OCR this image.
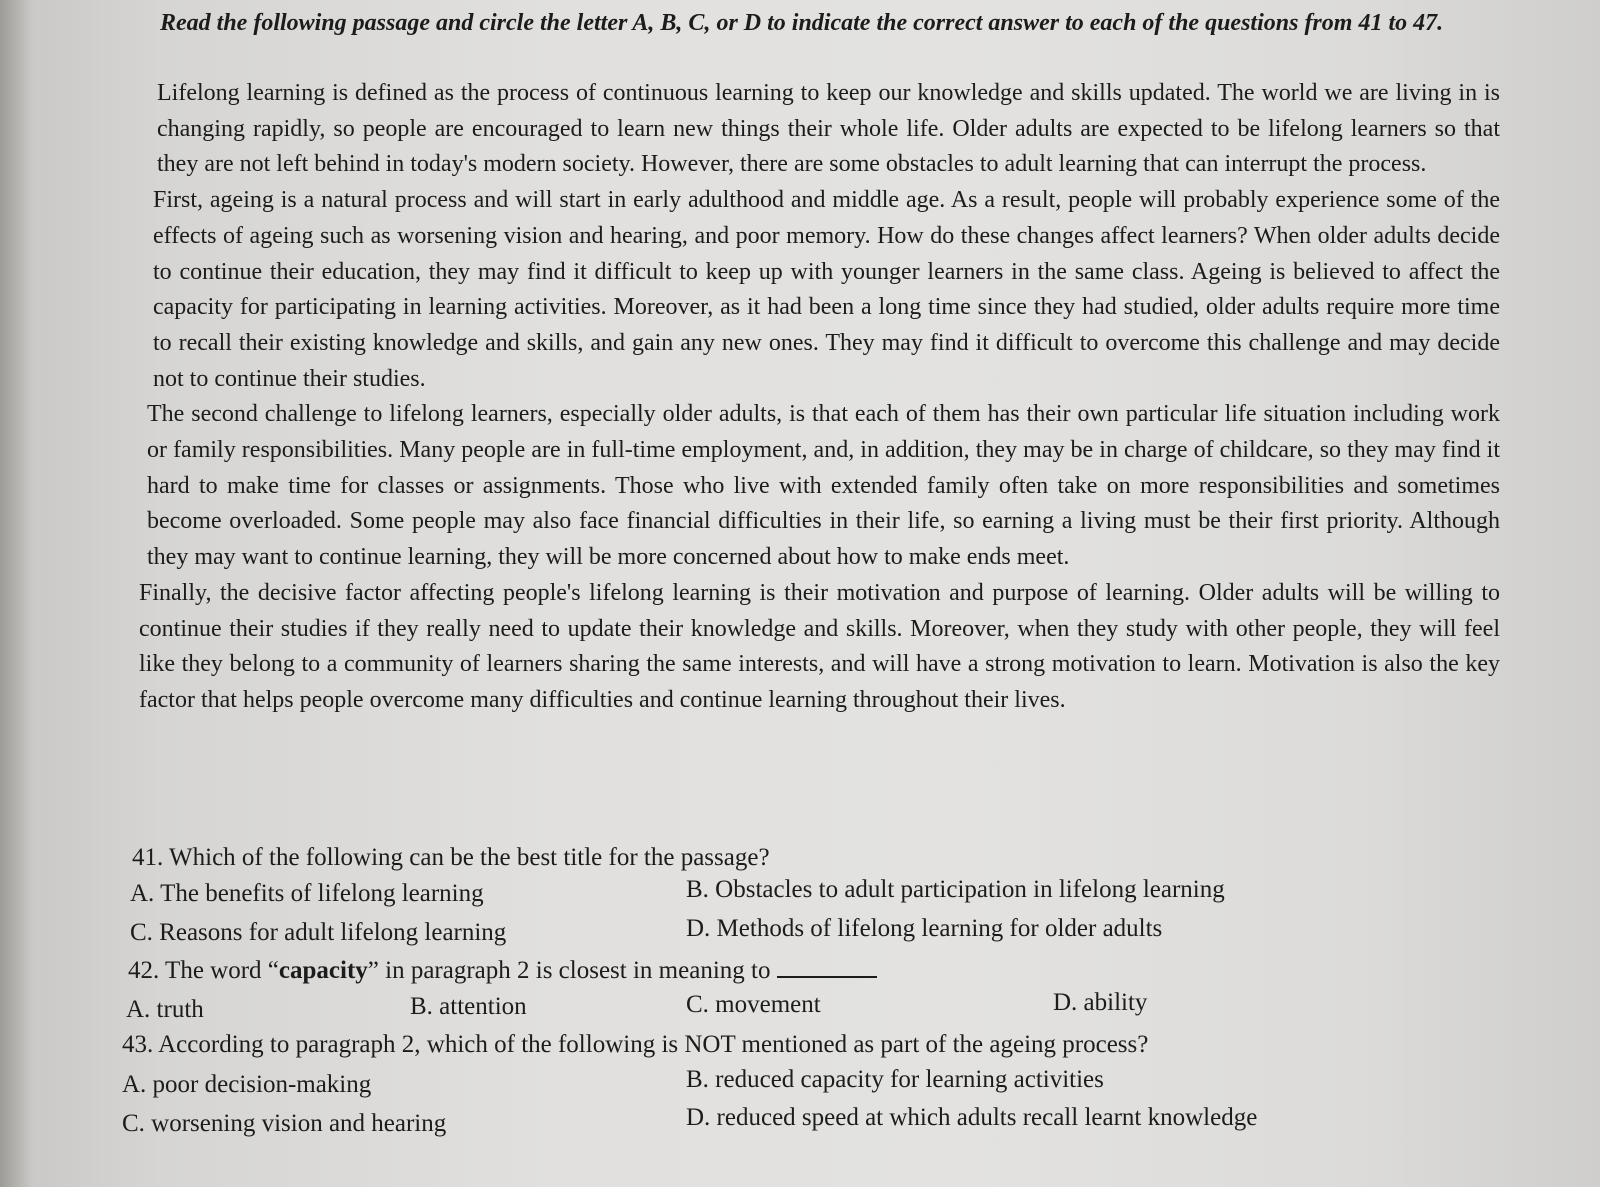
Read the following passage and circle the letter A, B, C, or D to indicate the correct answer to each of the questions from 41 to 47.

Lifelong learning is defined as the process of continuous learning to keep our knowledge and skills updated. The world we are living in is changing rapidly, so people are encouraged to learn new things their whole life. Older adults are expected to be lifelong learners so that they are not left behind in today's modern society. However, there are some obstacles to adult learning that can interrupt the process.

First, ageing is a natural process and will start in early adulthood and middle age. As a result, people will probably experience some of the effects of ageing such as worsening vision and hearing, and poor memory. How do these changes affect learners? When older adults decide to continue their education, they may find it difficult to keep up with younger learners in the same class. Ageing is believed to affect the capacity for participating in learning activities. Moreover, as it had been a long time since they had studied, older adults require more time to recall their existing knowledge and skills, and gain any new ones. They may find it difficult to overcome this challenge and may decide not to continue their studies.

The second challenge to lifelong learners, especially older adults, is that each of them has their own particular life situation including work or family responsibilities. Many people are in full-time employment, and, in addition, they may be in charge of childcare, so they may find it hard to make time for classes or assignments. Those who live with extended family often take on more responsibilities and sometimes become overloaded. Some people may also face financial difficulties in their life, so earning a living must be their first priority. Although they may want to continue learning, they will be more concerned about how to make ends meet.

Finally, the decisive factor affecting people's lifelong learning is their motivation and purpose of learning. Older adults will be willing to continue their studies if they really need to update their knowledge and skills. Moreover, when they study with other people, they will feel like they belong to a community of learners sharing the same interests, and will have a strong motivation to learn. Motivation is also the key factor that helps people overcome many difficulties and continue learning throughout their lives.

41. Which of the following can be the best title for the passage?
A. The benefits of lifelong learning	B. Obstacles to adult participation in lifelong learning
C. Reasons for adult lifelong learning	D. Methods of lifelong learning for older adults
42. The word “capacity” in paragraph 2 is closest in meaning to
A. truth	B. attention	C. movement	D. ability
43. According to paragraph 2, which of the following is NOT mentioned as part of the ageing process?
A. poor decision-making	B. reduced capacity for learning activities
C. worsening vision and hearing	D. reduced speed at which adults recall learnt knowledge
